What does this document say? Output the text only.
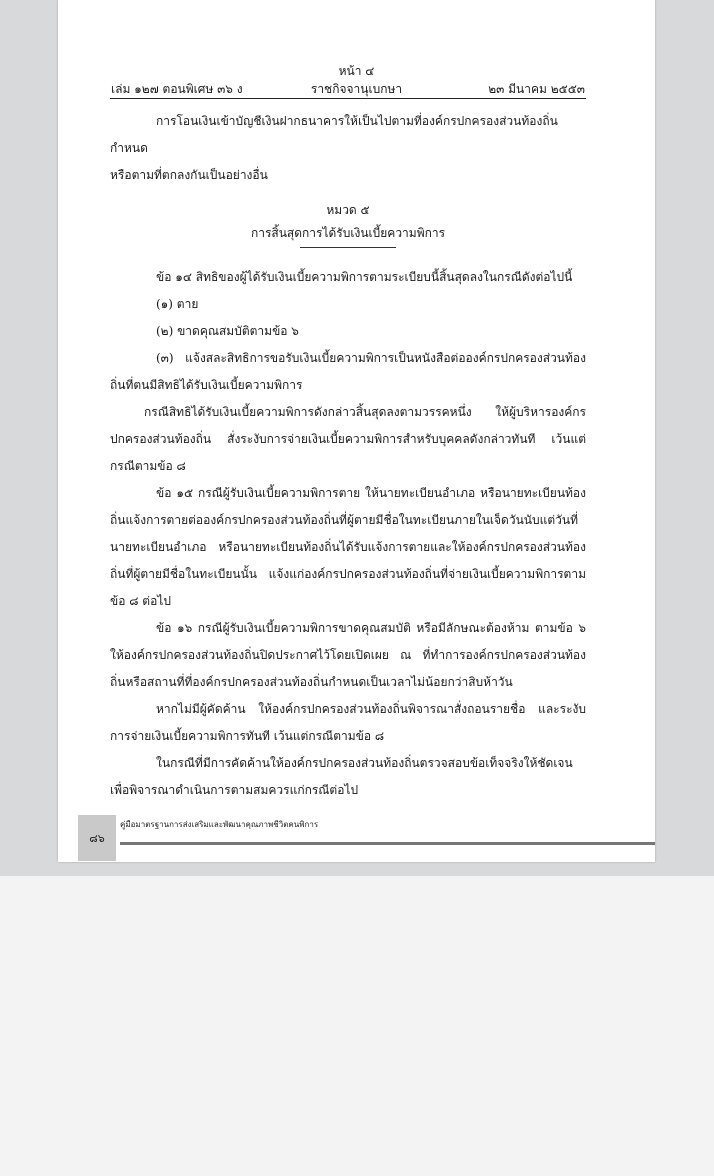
หน้า ๔
เล่ม ๑๒๗ ตอนพิเศษ ๓๖ ง	ราชกิจจานุเบกษา	๒๓ มีนาคม ๒๕๕๓

การโอนเงินเข้าบัญชีเงินฝากธนาคารให้เป็นไปตามที่องค์กรปกครองส่วนท้องถิ่นกำหนด
หรือตามที่ตกลงกันเป็นอย่างอื่น

หมวด ๕

การสิ้นสุดการได้รับเงินเบี้ยความพิการ

ข้อ ๑๔ สิทธิของผู้ได้รับเงินเบี้ยความพิการตามระเบียบนี้สิ้นสุดลงในกรณีดังต่อไปนี้

(๑) ตาย

(๒) ขาดคุณสมบัติตามข้อ ๖

(๓) แจ้งสละสิทธิการขอรับเงินเบี้ยความพิการเป็นหนังสือต่อองค์กรปกครองส่วนท้องถิ่นที่ตนมีสิทธิได้รับเงินเบี้ยความพิการ

กรณีสิทธิได้รับเงินเบี้ยความพิการดังกล่าวสิ้นสุดลงตามวรรคหนึ่ง ให้ผู้บริหารองค์กรปกครองส่วนท้องถิ่น สั่งระงับการจ่ายเงินเบี้ยความพิการสำหรับบุคคลดังกล่าวทันที เว้นแต่กรณีตามข้อ ๘

ข้อ ๑๕ กรณีผู้รับเงินเบี้ยความพิการตาย ให้นายทะเบียนอำเภอ หรือนายทะเบียนท้องถิ่นแจ้งการตายต่อองค์กรปกครองส่วนท้องถิ่นที่ผู้ตายมีชื่อในทะเบียนภายในเจ็ดวันนับแต่วันที่นายทะเบียนอำเภอ หรือนายทะเบียนท้องถิ่นได้รับแจ้งการตายและให้องค์กรปกครองส่วนท้องถิ่นที่ผู้ตายมีชื่อในทะเบียนนั้น แจ้งแก่องค์กรปกครองส่วนท้องถิ่นที่จ่ายเงินเบี้ยความพิการตามข้อ ๘ ต่อไป

ข้อ ๑๖ กรณีผู้รับเงินเบี้ยความพิการขาดคุณสมบัติ หรือมีลักษณะต้องห้าม ตามข้อ ๖ ให้องค์กรปกครองส่วนท้องถิ่นปิดประกาศไว้โดยเปิดเผย ณ ที่ทำการองค์กรปกครองส่วนท้องถิ่นหรือสถานที่ที่องค์กรปกครองส่วนท้องถิ่นกำหนดเป็นเวลาไม่น้อยกว่าสิบห้าวัน

หากไม่มีผู้คัดค้าน ให้องค์กรปกครองส่วนท้องถิ่นพิจารณาสั่งถอนรายชื่อ และระงับการจ่ายเงินเบี้ยความพิการทันที เว้นแต่กรณีตามข้อ ๘

ในกรณีที่มีการคัดค้านให้องค์กรปกครองส่วนท้องถิ่นตรวจสอบข้อเท็จจริงให้ชัดเจนเพื่อพิจารณาดำเนินการตามสมควรแก่กรณีต่อไป

๘๖
คู่มือมาตรฐานการส่งเสริมและพัฒนาคุณภาพชีวิตคนพิการ
